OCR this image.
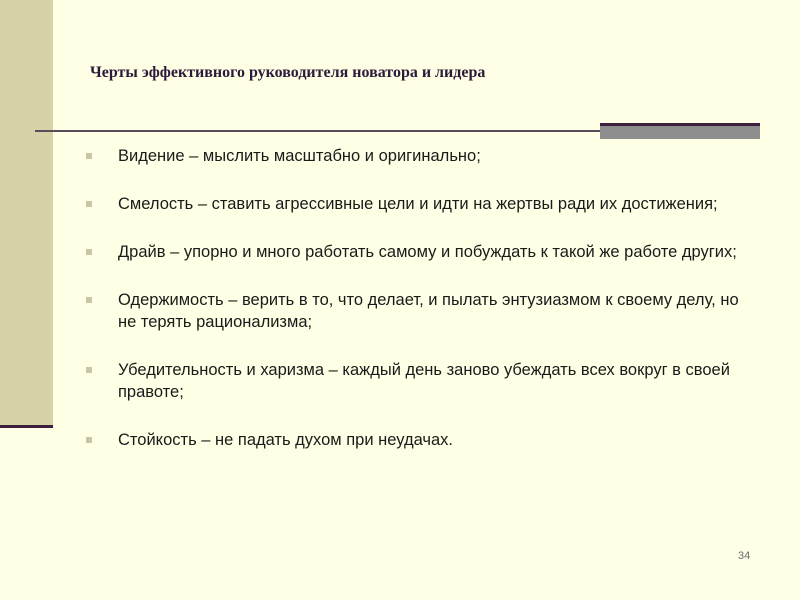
Черты эффективного руководителя новатора и лидера
Видение – мыслить масштабно и оригинально;
Смелость – ставить агрессивные цели и идти на жертвы ради их достижения;
Драйв – упорно и много работать самому и побуждать к такой же работе других;
Одержимость – верить в то, что делает, и пылать энтузиазмом к своему делу, но не терять рационализма;
Убедительность и харизма – каждый день заново убеждать всех вокруг в своей правоте;
Стойкость – не падать духом при неудачах.
34
